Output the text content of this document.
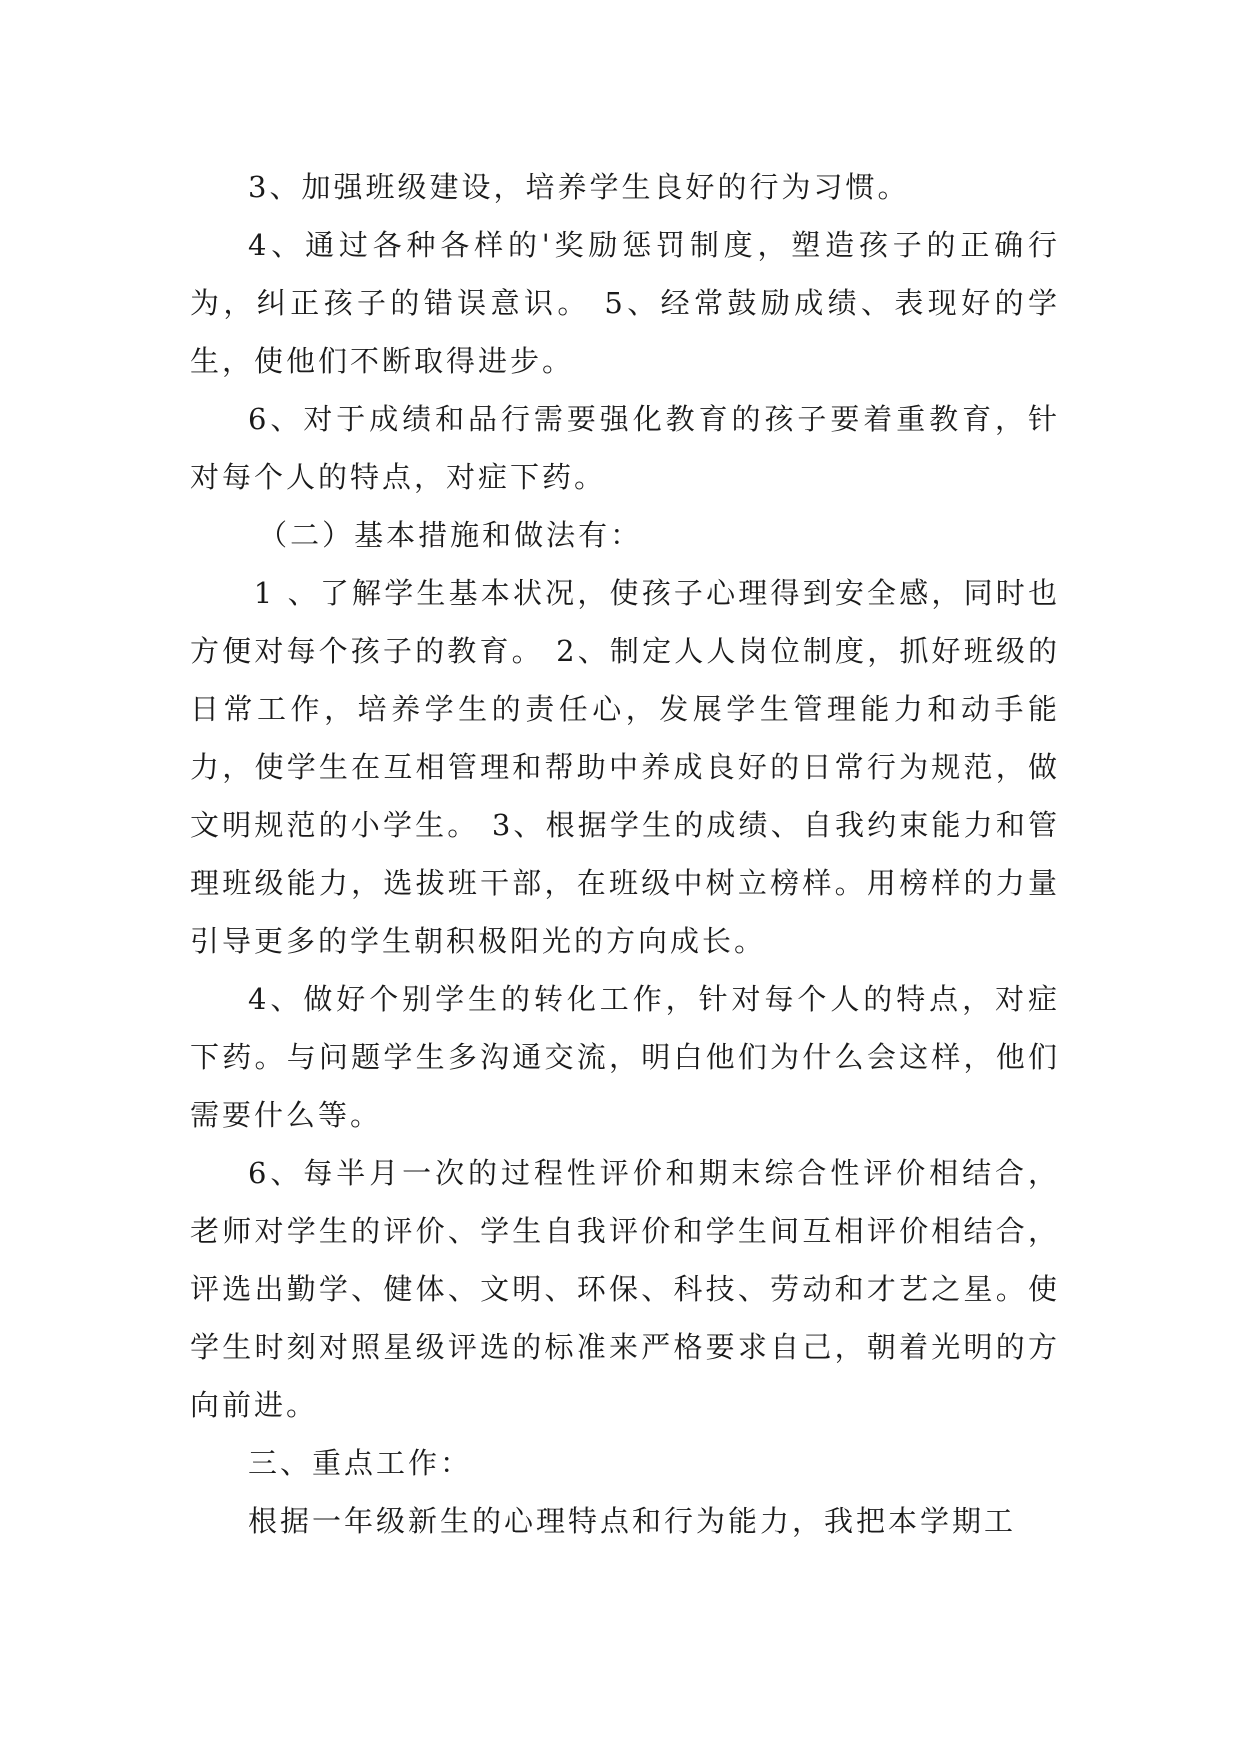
3、加强班级建设，培养学生良好的行为习惯。

4、通过各种各样的'奖励惩罚制度，塑造孩子的正确行为，纠正孩子的错误意识。 5、经常鼓励成绩、表现好的学生，使他们不断取得进步。

6、对于成绩和品行需要强化教育的孩子要着重教育，针对每个人的特点，对症下药。

（二）基本措施和做法有：

1 、了解学生基本状况，使孩子心理得到安全感，同时也方便对每个孩子的教育。 2、制定人人岗位制度，抓好班级的日常工作，培养学生的责任心，发展学生管理能力和动手能力，使学生在互相管理和帮助中养成良好的日常行为规范，做文明规范的小学生。 3、根据学生的成绩、自我约束能力和管理班级能力，选拔班干部，在班级中树立榜样。用榜样的力量引导更多的学生朝积极阳光的方向成长。

4、做好个别学生的转化工作，针对每个人的特点，对症下药。与问题学生多沟通交流，明白他们为什么会这样，他们需要什么等。

6、每半月一次的过程性评价和期末综合性评价相结合，老师对学生的评价、学生自我评价和学生间互相评价相结合，评选出勤学、健体、文明、环保、科技、劳动和才艺之星。使学生时刻对照星级评选的标准来严格要求自己，朝着光明的方向前进。

三、重点工作：

根据一年级新生的心理特点和行为能力，我把本学期工
